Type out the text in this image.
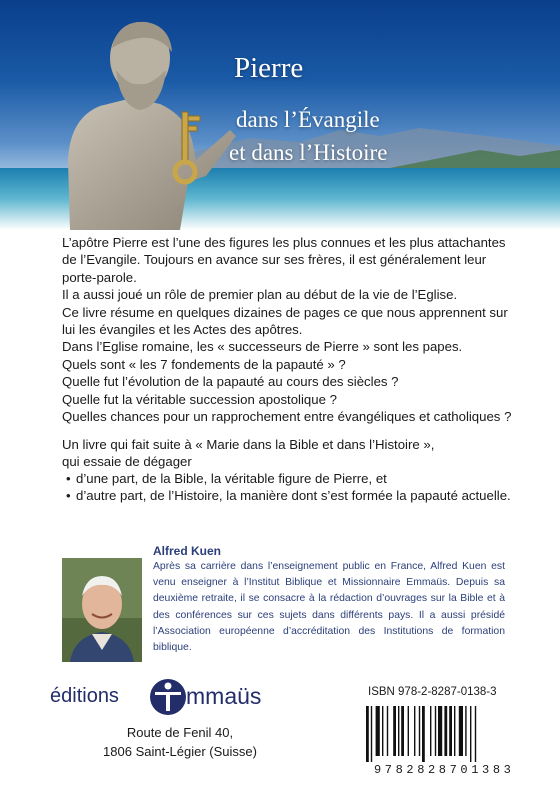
Pierre
dans l’Évangile
et dans l’Histoire

L’apôtre Pierre est l’une des figures les plus connues et les plus attachantes de l’Evangile. Toujours en avance sur ses frères, il est généralement leur porte-parole.
Il a aussi joué un rôle de premier plan au début de la vie de l’Eglise.
Ce livre résume en quelques dizaines de pages ce que nous apprennent sur lui les évangiles et les Actes des apôtres.
Dans l’Eglise romaine, les « successeurs de Pierre » sont les papes.
Quels sont « les 7 fondements de la papauté » ?
Quelle fut l’évolution de la papauté au cours des siècles ?
Quelle fut la véritable succession apostolique ?
Quelles chances pour un rapprochement entre évangéliques et catholiques ?

Un livre qui fait suite à « Marie dans la Bible et dans l’Histoire »,
qui essaie de dégager

• d’une part, de la Bible, la véritable figure de Pierre, et
• d’autre part, de l’Histoire, la manière dont s’est formée la papauté actuelle.
Alfred Kuen
Après sa carrière dans l’enseignement public en France, Alfred Kuen est venu enseigner à l’Institut Biblique et Missionnaire Emmaüs. Depuis sa deuxième retraite, il se consacre à la rédaction d’ouvrages sur la Bible et à des conférences sur ces sujets dans différents pays. Il a aussi présidé l’Association européenne d’accréditation des Institutions de formation biblique.
éditions	mmaüs
Route de Fenil 40,
1806 Saint-Légier (Suisse)
ISBN 978-2-8287-0138-3
9782828701383
